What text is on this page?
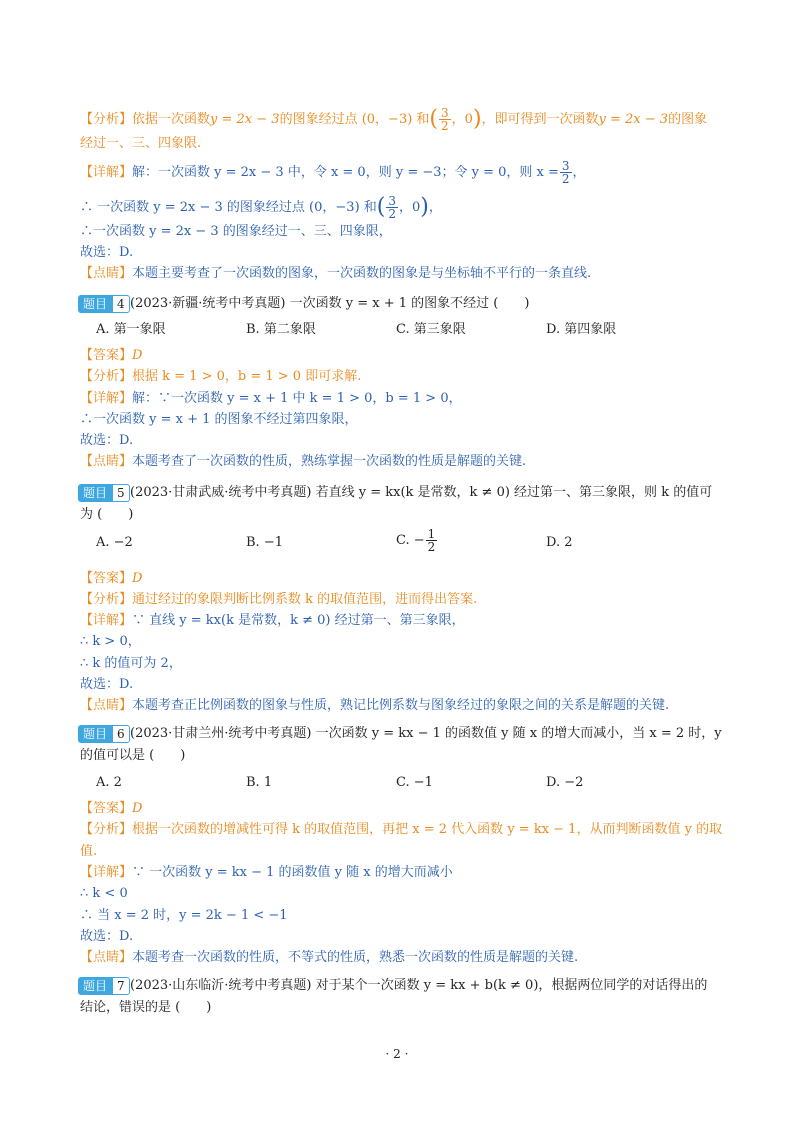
【分析】依据一次函数y = 2x − 3的图象经过点 (0，−3) 和( $\frac{3}{2}$ ，0)，即可得到一次函数y = 2x − 3的图象
经过一、三、四象限.
【详解】解：一次函数 y = 2x − 3 中，令 x = 0，则 y = −3；令 y = 0，则 $x = \frac{3}{2}$ ，
∴ 一次函数 y = 2x − 3 的图象经过点 (0，−3) 和( $\frac{3}{2}$ ，0)，
∴一次函数 y = 2x − 3 的图象经过一、三、四象限，
故选：D.
【点睛】本题主要考查了一次函数的图象，一次函数的图象是与坐标轴不平行的一条直线.
题目 4 (2023·新疆·统考中考真题) 一次函数 y = x + 1 的图象不经过 (　　)
A. 第一象限	B. 第二象限	C. 第三象限	D. 第四象限
【答案】D
【分析】根据 k = 1 > 0，b = 1 > 0 即可求解.
【详解】解：∵一次函数 y = x + 1 中 k = 1 > 0，b = 1 > 0，
∴一次函数 y = x + 1 的图象不经过第四象限，
故选：D.
【点睛】本题考查了一次函数的性质，熟练掌握一次函数的性质是解题的关键.
题目 5 (2023·甘肃武威·统考中考真题) 若直线 y = kx(k 是常数，k ≠ 0) 经过第一、第三象限，则 k 的值可
为 (　　)
A. −2	B. −1	C. − $\frac{1}{2}$	D. 2
【答案】D
【分析】通过经过的象限判断比例系数 k 的取值范围，进而得出答案.
【详解】∵ 直线 y = kx(k 是常数，k ≠ 0) 经过第一、第三象限，
∴ k > 0，
∴ k 的值可为 2，
故选：D.
【点睛】本题考查正比例函数的图象与性质，熟记比例系数与图象经过的象限之间的关系是解题的关键.
题目 6 (2023·甘肃兰州·统考中考真题) 一次函数 y = kx − 1 的函数值 y 随 x 的增大而减小，当 x = 2 时，y
的值可以是 (　　)
A. 2	B. 1	C. −1	D. −2
【答案】D
【分析】根据一次函数的增减性可得 k 的取值范围，再把 x = 2 代入函数 y = kx − 1，从而判断函数值 y 的取
值.
【详解】∵ 一次函数 y = kx − 1 的函数值 y 随 x 的增大而减小
∴ k < 0
∴ 当 x = 2 时，y = 2k − 1 < −1
故选：D.
【点睛】本题考查一次函数的性质，不等式的性质，熟悉一次函数的性质是解题的关键.
题目 7 (2023·山东临沂·统考中考真题) 对于某个一次函数 y = kx + b(k ≠ 0)，根据两位同学的对话得出的
结论，错误的是 (　　)
· 2 ·
